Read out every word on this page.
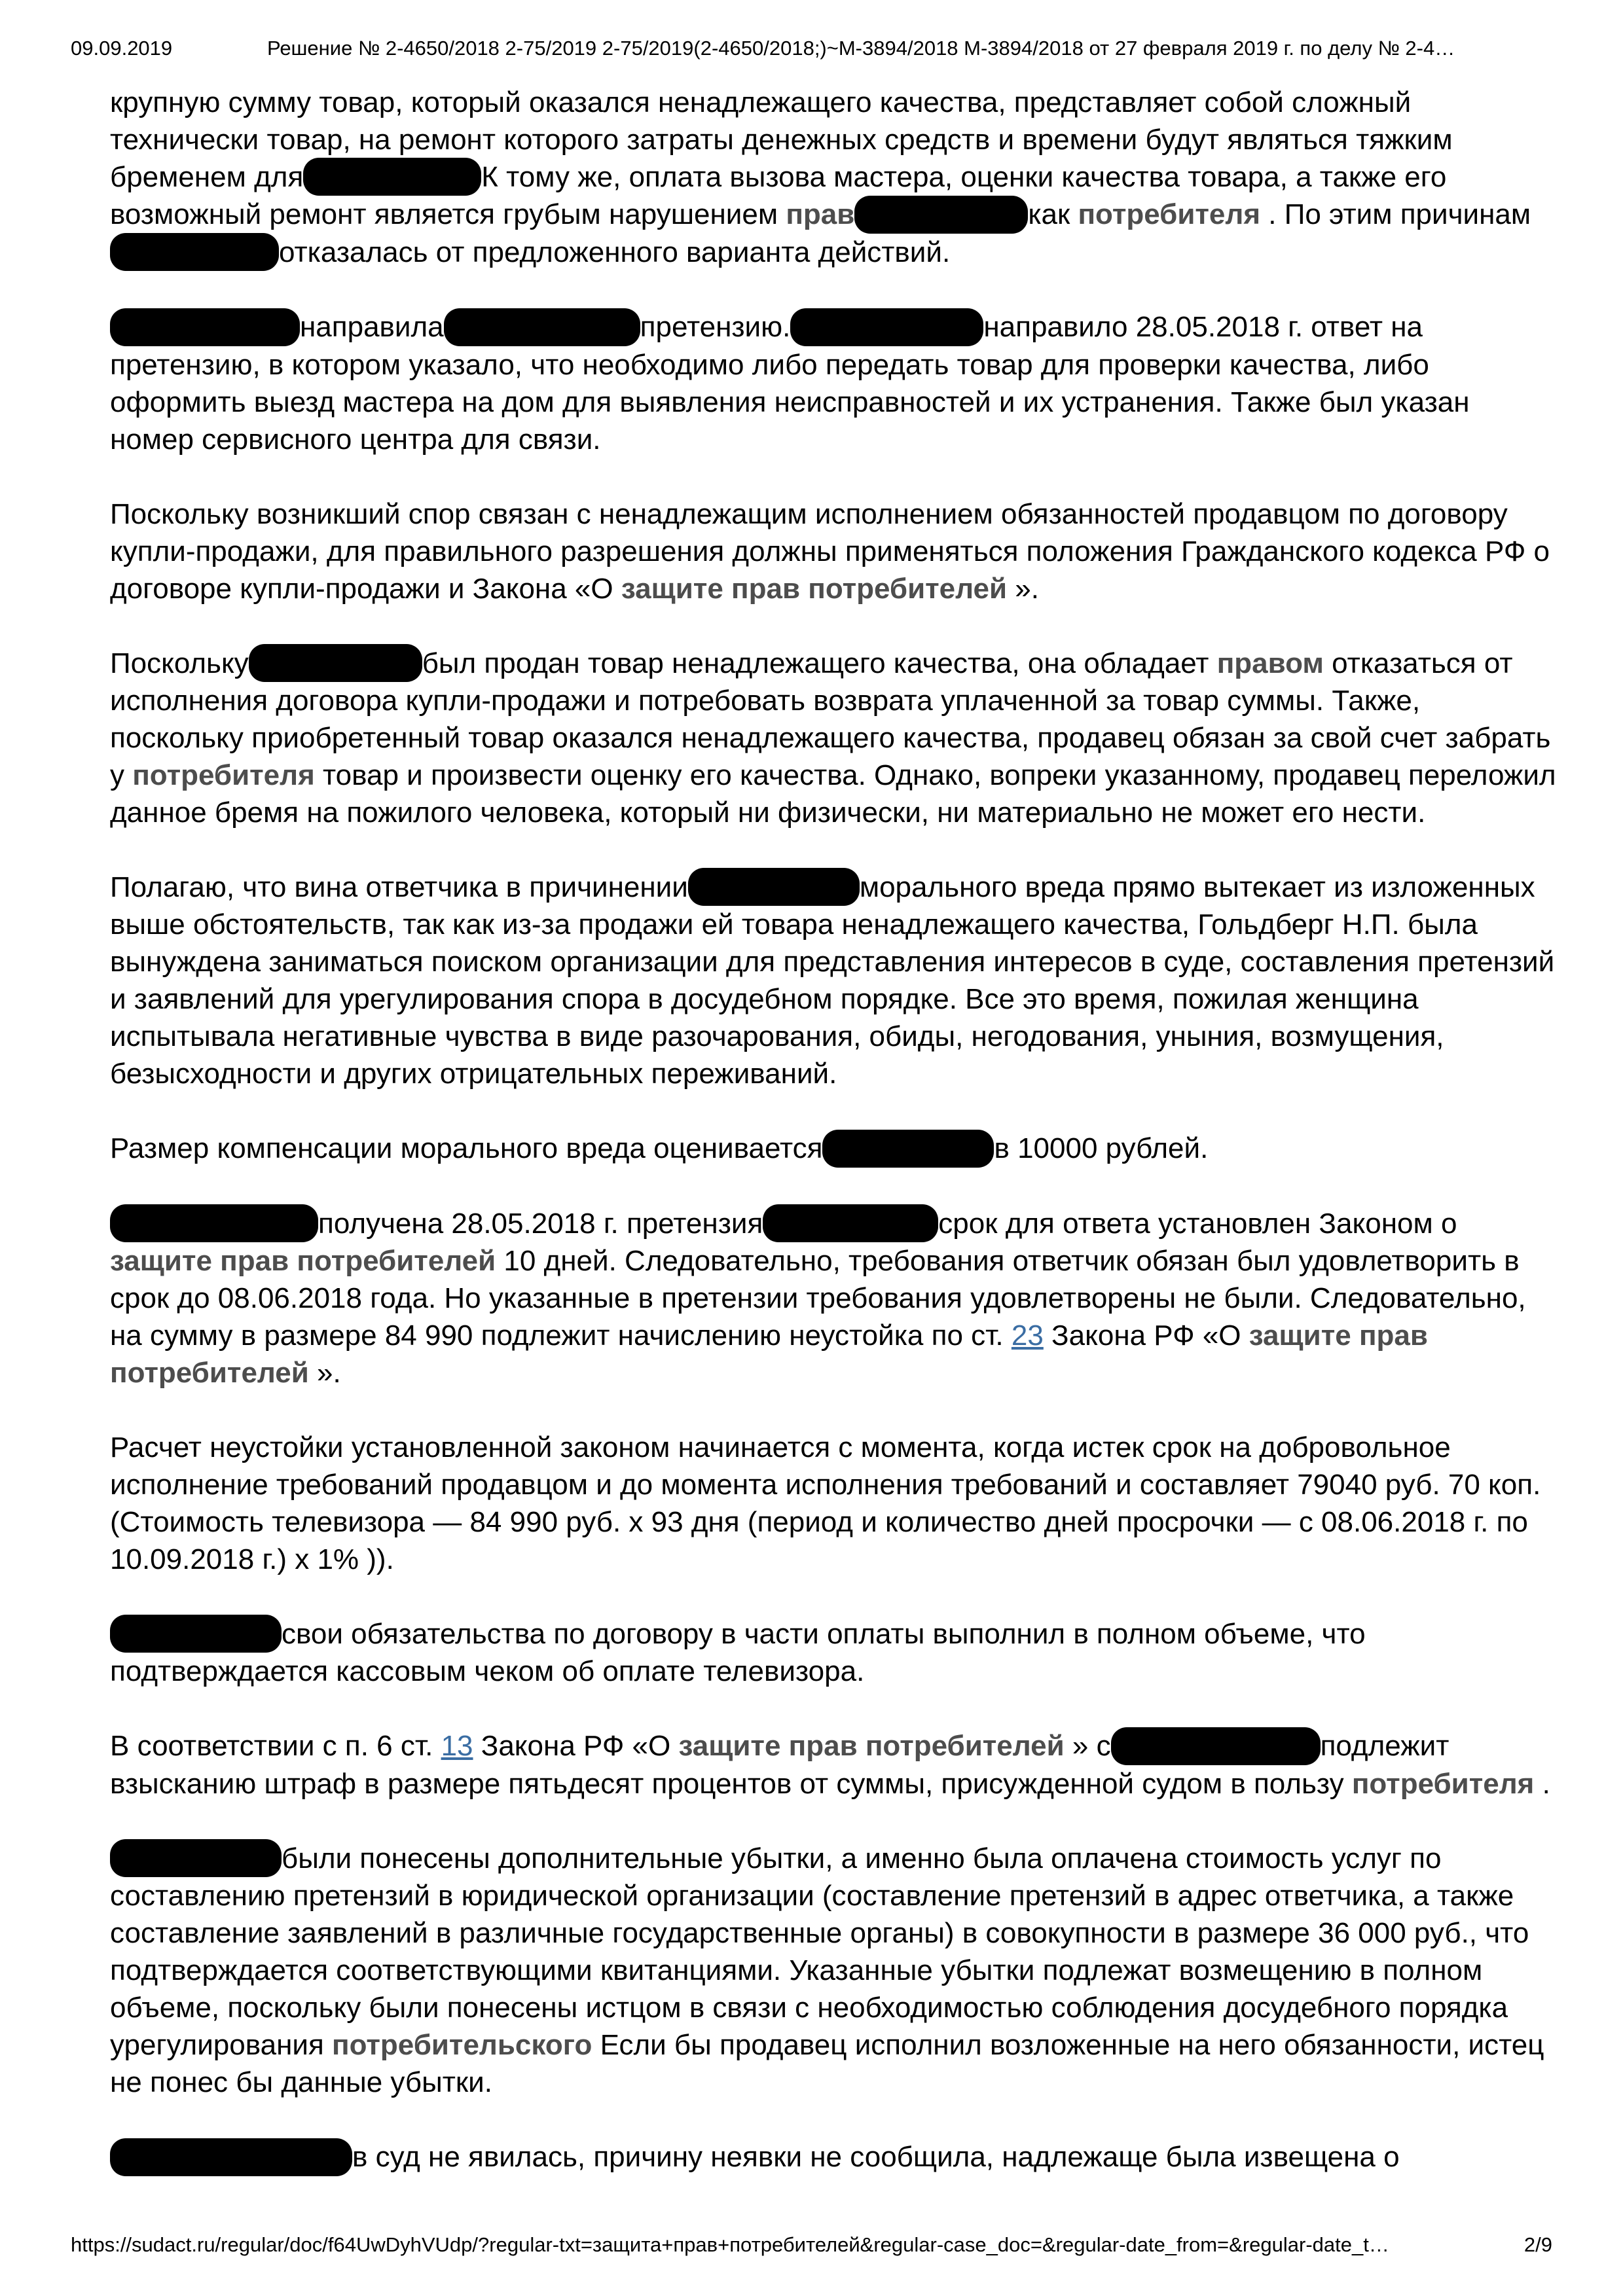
09.09.2019	Решение № 2-4650/2018 2-75/2019 2-75/2019(2-4650/2018;)~М-3894/2018 М-3894/2018 от 27 февраля 2019 г. по делу № 2-4…

крупную сумму товар, который оказался ненадлежащего качества, представляет собой сложный технически товар, на ремонт которого затраты денежных средств и времени будут являться тяжким бременем для	К тому же, оплата вызова мастера, оценки качества товара, а также его возможный ремонт является грубым нарушением прав	как потребителя . По этим причинамотказалась от предложенного варианта действий.

направила	претензию.	направило 28.05.2018 г. ответ на претензию, в котором указало, что необходимо либо передать товар для проверки качества, либо оформить выезд мастера на дом для выявления неисправностей и их устранения. Также был указан номер сервисного центра для связи.

Поскольку возникший спор связан с ненадлежащим исполнением обязанностей продавцом по договору купли-продажи, для правильного разрешения должны применяться положения Гражданского кодекса РФ о договоре купли-продажи и Закона «О защите прав потребителей ».

Поскольку	был продан товар ненадлежащего качества, она обладает правом отказаться от исполнения договора купли-продажи и потребовать возврата уплаченной за товар суммы. Также, поскольку приобретенный товар оказался ненадлежащего качества, продавец обязан за свой счет забрать у потребителя товар и произвести оценку его качества. Однако, вопреки указанному, продавец переложил данное бремя на пожилого человека, который ни физически, ни материально не может его нести.

Полагаю, что вина ответчика в причинении	морального вреда прямо вытекает из изложенных выше обстоятельств, так как из-за продажи ей товара ненадлежащего качества, Гольдберг Н.П. была вынуждена заниматься поиском организации для представления интересов в суде, составления претензий и заявлений для урегулирования спора в досудебном порядке. Все это время, пожилая женщина испытывала негативные чувства в виде разочарования, обиды, негодования, уныния, возмущения, безысходности и других отрицательных переживаний.

Размер компенсации морального вреда оценивается	в 10000 рублей.

получена 28.05.2018 г. претензия	срок для ответа установлен Законом о защите прав потребителей 10 дней. Следовательно, требования ответчик обязан был удовлетворить в срок до 08.06.2018 года. Но указанные в претензии требования удовлетворены не были. Следовательно, на сумму в размере 84 990 подлежит начислению неустойка по ст. 23 Закона РФ «О защите прав потребителей ».

Расчет неустойки установленной законом начинается с момента, когда истек срок на добровольное исполнение требований продавцом и до момента исполнения требований и составляет 79040 руб. 70 коп. (Стоимость телевизора — 84 990 руб. х 93 дня (период и количество дней просрочки — с 08.06.2018 г. по 10.09.2018 г.) х 1% )).

свои обязательства по договору в части оплаты выполнил в полном объеме, что подтверждается кассовым чеком об оплате телевизора.

В соответствии с п. 6 ст. 13 Закона РФ «О защите прав потребителей » с	подлежит взысканию штраф в размере пятьдесят процентов от суммы, присужденной судом в пользу потребителя .

были понесены дополнительные убытки, а именно была оплачена стоимость услуг по составлению претензий в юридической организации (составление претензий в адрес ответчика, а также составление заявлений в различные государственные органы) в совокупности в размере 36 000 руб., что подтверждается соответствующими квитанциями. Указанные убытки подлежат возмещению в полном объеме, поскольку были понесены истцом в связи с необходимостью соблюдения досудебного порядка урегулирования потребительского Если бы продавец исполнил возложенные на него обязанности, истец не понес бы данные убытки.

в суд не явилась, причину неявки не сообщила, надлежаще была извещена о

https://sudact.ru/regular/doc/f64UwDyhVUdp/?regular-txt=защита+прав+потребителей&regular-case_doc=&regular-date_from=&regular-date_t…	2/9
